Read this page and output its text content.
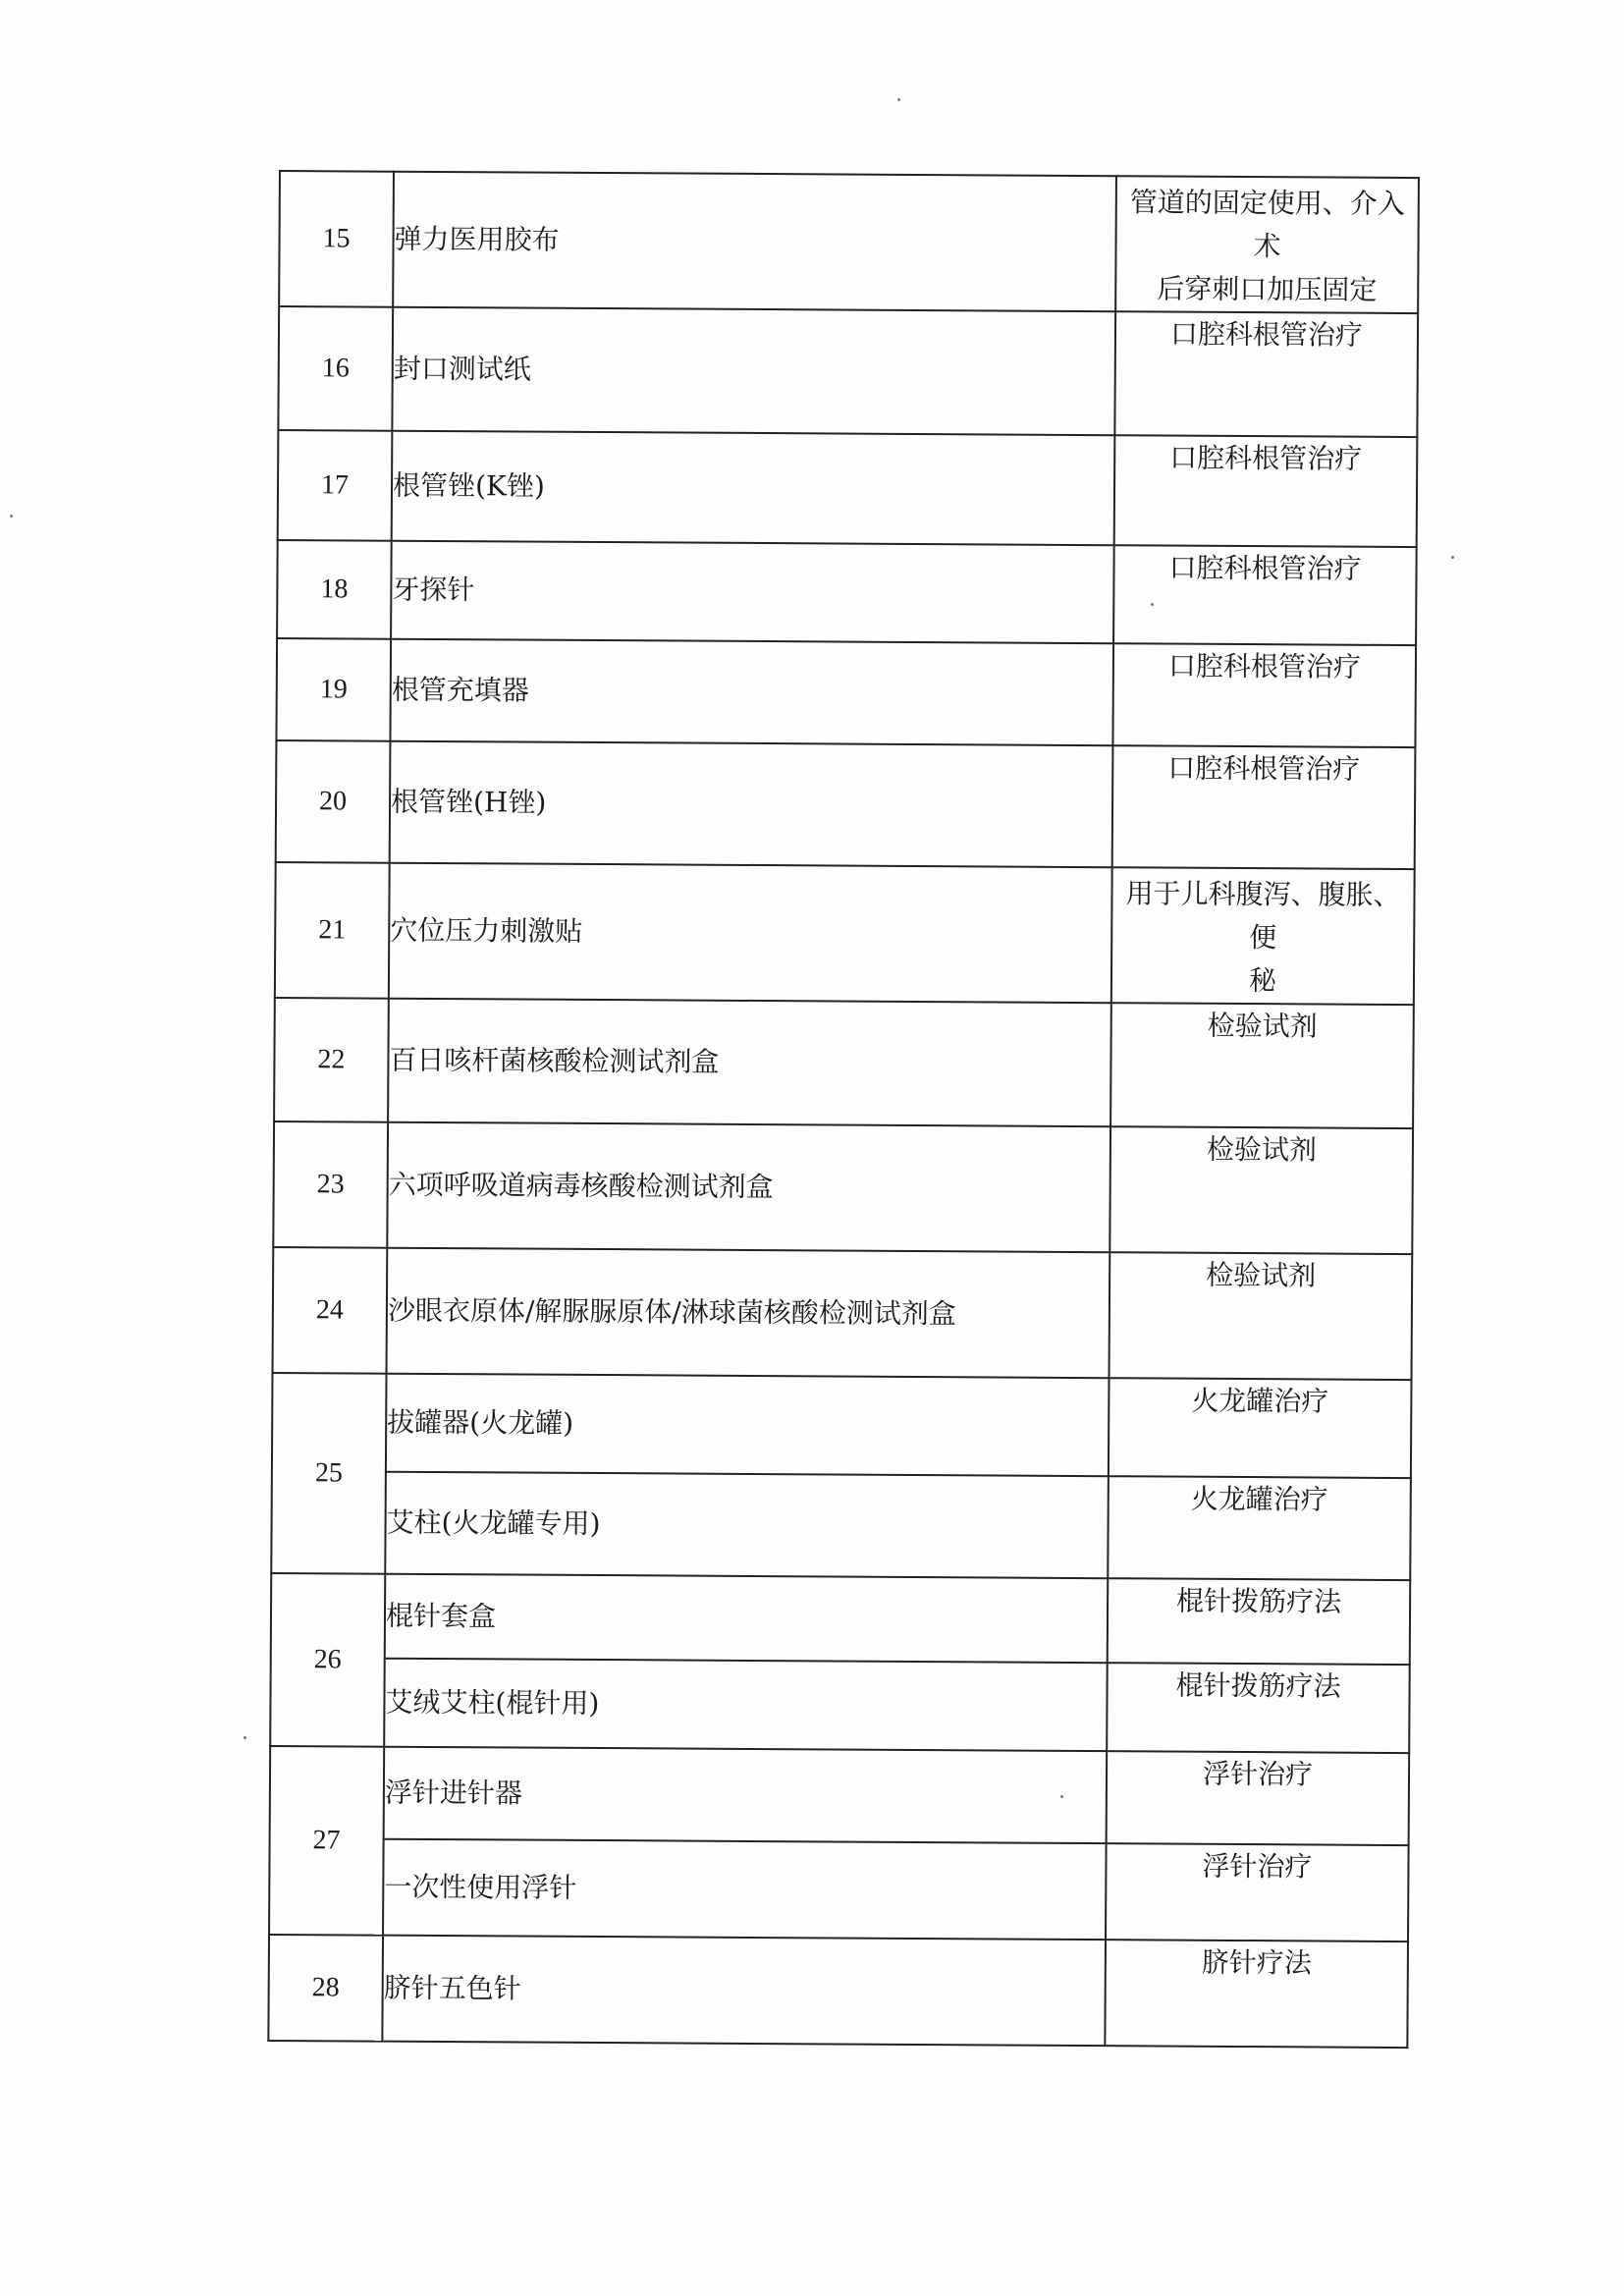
15	弹力医用胶布	管道的固定使用、介入术
后穿刺口加压固定

16	封口测试纸	口腔科根管治疗

17	根管锉(K锉)	口腔科根管治疗

18	牙探针	口腔科根管治疗

19	根管充填器	口腔科根管治疗

20	根管锉(H锉)	口腔科根管治疗

21	穴位压力刺激贴	用于儿科腹泻、腹胀、便
秘

22	百日咳杆菌核酸检测试剂盒	检验试剂

23	六项呼吸道病毒核酸检测试剂盒	检验试剂

24	沙眼衣原体/解脲脲原体/淋球菌核酸检测试剂盒	检验试剂

25	拔罐器(火龙罐)	火龙罐治疗

	艾柱(火龙罐专用)	火龙罐治疗

26	棍针套盒	棍针拨筋疗法

	艾绒艾柱(棍针用)	棍针拨筋疗法

27	浮针进针器	浮针治疗

	一次性使用浮针	浮针治疗

28	脐针五色针	脐针疗法
